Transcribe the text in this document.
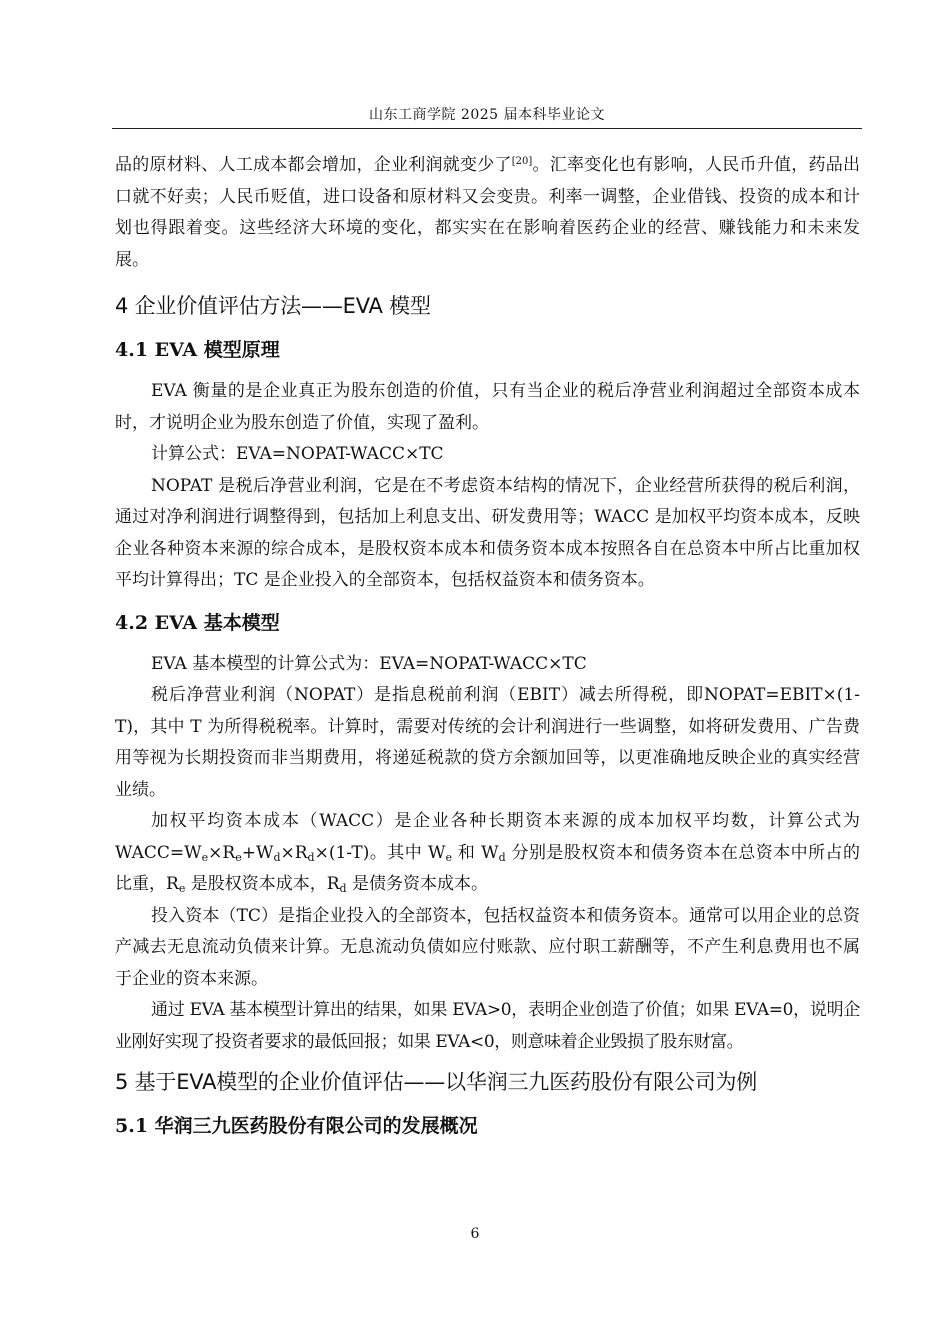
山东工商学院 2025 届本科毕业论文

品的原材料、人工成本都会增加，企业利润就变少了[20]。汇率变化也有影响，人民币升值，药品出口就不好卖；人民币贬值，进口设备和原材料又会变贵。利率一调整，企业借钱、投资的成本和计划也得跟着变。这些经济大环境的变化，都实实在在影响着医药企业的经营、赚钱能力和未来发展。

4 企业价值评估方法——EVA 模型
4.1 EVA 模型原理

EVA 衡量的是企业真正为股东创造的价值，只有当企业的税后净营业利润超过全部资本成本时，才说明企业为股东创造了价值，实现了盈利。

计算公式：EVA=NOPAT-WACC×TC

NOPAT 是税后净营业利润，它是在不考虑资本结构的情况下，企业经营所获得的税后利润，通过对净利润进行调整得到，包括加上利息支出、研发费用等；WACC 是加权平均资本成本，反映企业各种资本来源的综合成本，是股权资本成本和债务资本成本按照各自在总资本中所占比重加权平均计算得出；TC 是企业投入的全部资本，包括权益资本和债务资本。

4.2 EVA 基本模型

EVA 基本模型的计算公式为：EVA=NOPAT-WACC×TC

税后净营业利润（NOPAT）是指息税前利润（EBIT）减去所得税，即NOPAT=EBIT×(1-T)，其中 T 为所得税税率。计算时，需要对传统的会计利润进行一些调整，如将研发费用、广告费用等视为长期投资而非当期费用，将递延税款的贷方余额加回等，以更准确地反映企业的真实经营业绩。

加权平均资本成本（WACC）是企业各种长期资本来源的成本加权平均数，计算公式为 $WACC=W_e\times R_e+W_d\times R_d\times(1-T)$。其中 $W_e$ 和 $W_d$ 分别是股权资本和债务资本在总资本中所占的比重，$R_e$ 是股权资本成本，$R_d$ 是债务资本成本。

投入资本（TC）是指企业投入的全部资本，包括权益资本和债务资本。通常可以用企业的总资产减去无息流动负债来计算。无息流动负债如应付账款、应付职工薪酬等，不产生利息费用也不属于企业的资本来源。

通过 EVA 基本模型计算出的结果，如果 EVA>0，表明企业创造了价值；如果 EVA=0，说明企业刚好实现了投资者要求的最低回报；如果 EVA<0，则意味着企业毁损了股东财富。

5 基于EVA模型的企业价值评估——以华润三九医药股份有限公司为例
5.1 华润三九医药股份有限公司的发展概况
6
